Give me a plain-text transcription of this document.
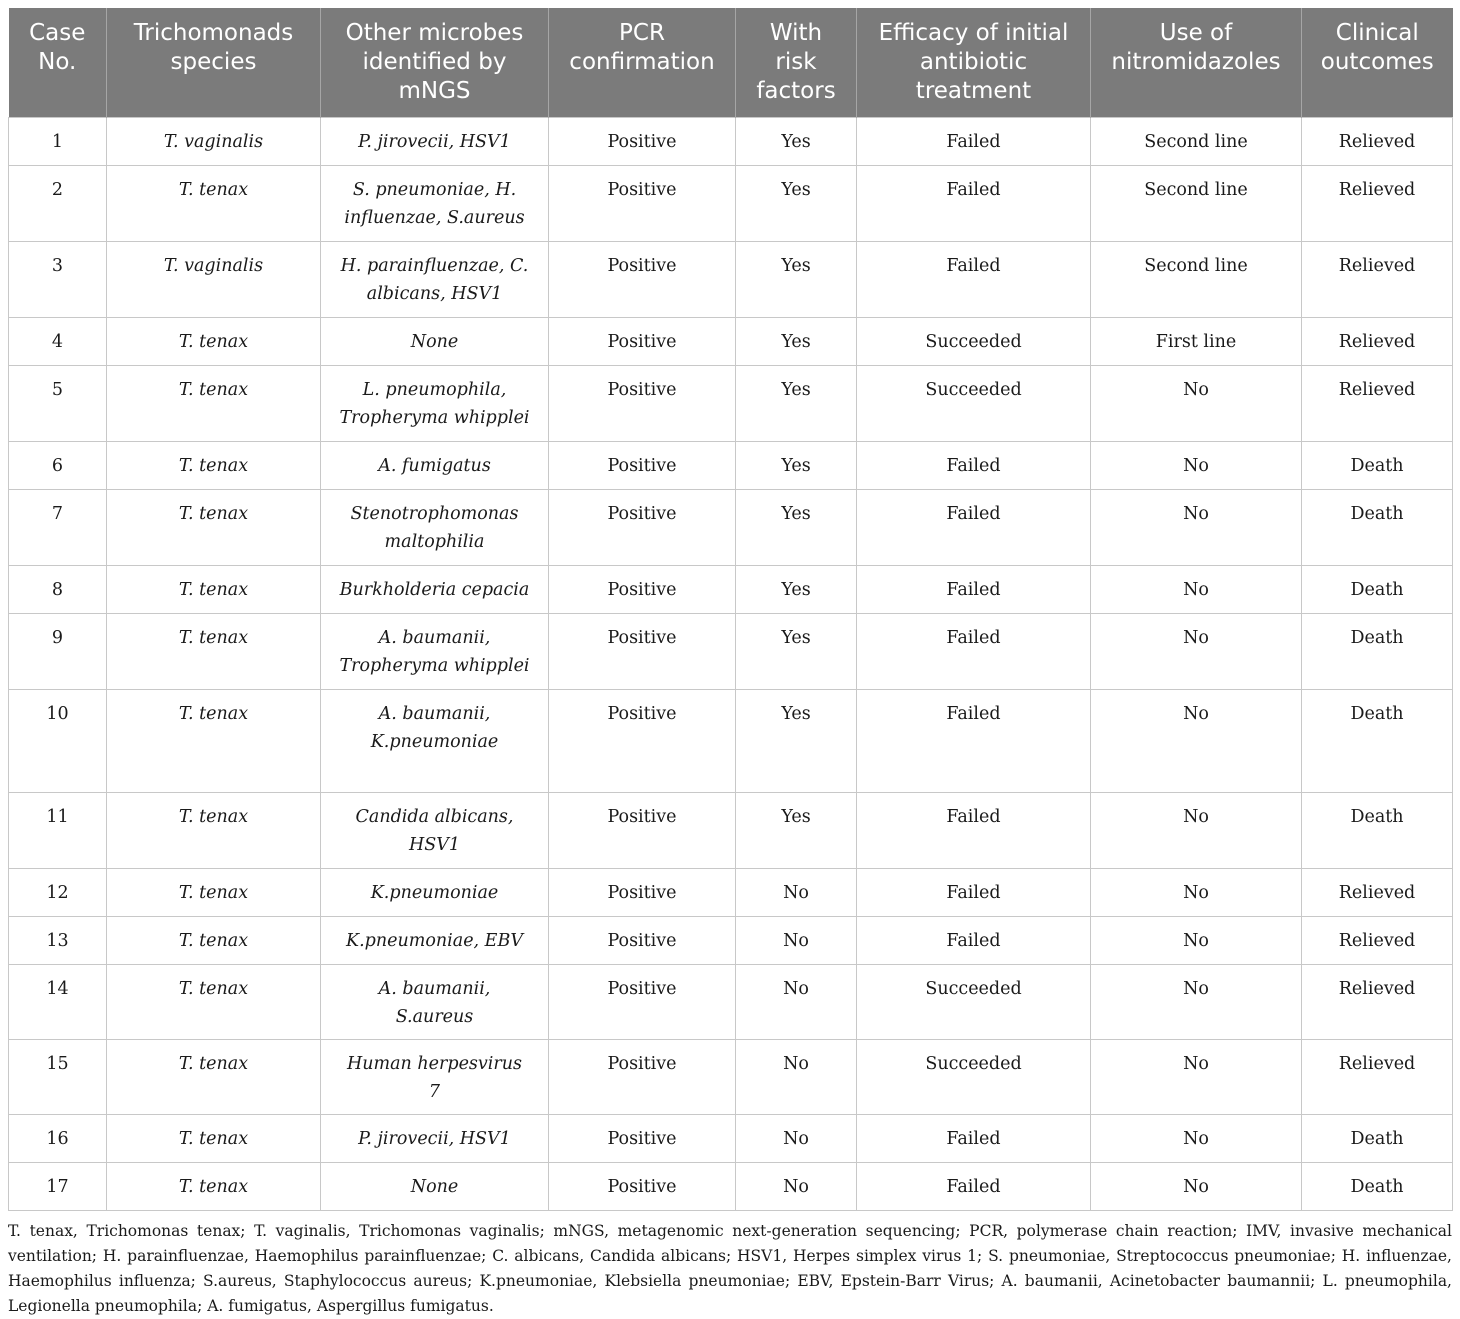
Case No.	Trichomonads species	Other microbes identified by mNGS	PCR confirmation	With risk factors	Efficacy of initial antibiotic treatment	Use of nitromidazoles	Clinical outcomes
1	T. vaginalis	P. jirovecii, HSV1	Positive	Yes	Failed	Second line	Relieved
2	T. tenax	S. pneumoniae, H. influenzae, S.aureus	Positive	Yes	Failed	Second line	Relieved
3	T. vaginalis	H. parainfluenzae, C. albicans, HSV1	Positive	Yes	Failed	Second line	Relieved
4	T. tenax	None	Positive	Yes	Succeeded	First line	Relieved
5	T. tenax	L. pneumophila, Tropheryma whipplei	Positive	Yes	Succeeded	No	Relieved
6	T. tenax	A. fumigatus	Positive	Yes	Failed	No	Death
7	T. tenax	Stenotrophomonas maltophilia	Positive	Yes	Failed	No	Death
8	T. tenax	Burkholderia cepacia	Positive	Yes	Failed	No	Death
9	T. tenax	A. baumanii, Tropheryma whipplei	Positive	Yes	Failed	No	Death
10	T. tenax	A. baumanii, K.pneumoniae	Positive	Yes	Failed	No	Death
11	T. tenax	Candida albicans, HSV1	Positive	Yes	Failed	No	Death
12	T. tenax	K.pneumoniae	Positive	No	Failed	No	Relieved
13	T. tenax	K.pneumoniae, EBV	Positive	No	Failed	No	Relieved
14	T. tenax	A. baumanii, S.aureus	Positive	No	Succeeded	No	Relieved
15	T. tenax	Human herpesvirus 7	Positive	No	Succeeded	No	Relieved
16	T. tenax	P. jirovecii, HSV1	Positive	No	Failed	No	Death
17	T. tenax	None	Positive	No	Failed	No	Death
T. tenax, Trichomonas tenax; T. vaginalis, Trichomonas vaginalis; mNGS, metagenomic next-generation sequencing; PCR, polymerase chain reaction; IMV, invasive mechanical ventilation; H. parainfluenzae, Haemophilus parainfluenzae; C. albicans, Candida albicans; HSV1, Herpes simplex virus 1; S. pneumoniae, Streptococcus pneumoniae; H. influenzae, Haemophilus influenza; S.aureus, Staphylococcus aureus; K.pneumoniae, Klebsiella pneumoniae; EBV, Epstein-Barr Virus; A. baumanii, Acinetobacter baumannii; L. pneumophila, Legionella pneumophila; A. fumigatus, Aspergillus fumigatus.
